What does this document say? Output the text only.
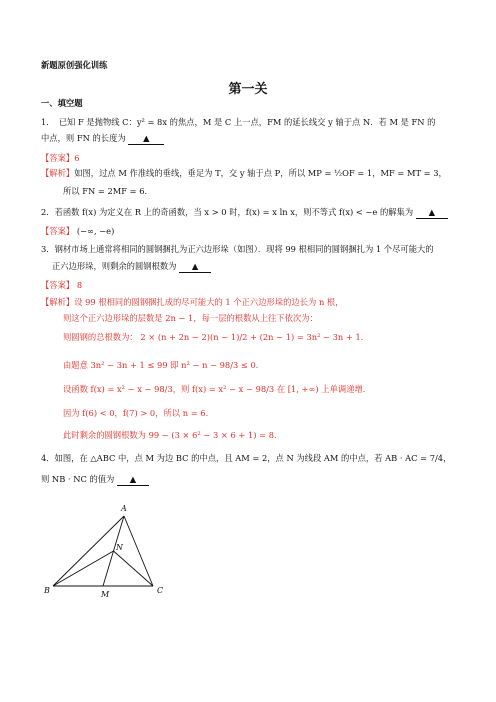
新题原创强化训练
第一关
一、填空题
1．　已知 F 是抛物线 C：y² = 8x 的焦点，M 是 C 上一点，FM 的延长线交 y 轴于点 N．若 M 是 FN 的
中点，则 FN 的长度为 ▲
【答案】6
【解析】如图，过点 M 作准线的垂线，垂足为 T，交 y 轴于点 P，所以 MP = ½OF = 1，MF = MT = 3，
所以 FN = 2MF = 6．
2．若函数 f(x) 为定义在 R 上的奇函数，当 x > 0 时，f(x) = x ln x，则不等式 f(x) < −e 的解集为 ▲
【答案】 (−∞, −e)
3．钢材市场上通常将相同的圆钢捆扎为正六边形垛（如图）．现将 99 根相同的圆钢捆扎为 1 个尽可能大的
正六边形垛，则剩余的圆钢根数为 ▲
【答案】 8
【解析】设 99 根相同的圆钢捆扎成的尽可能大的 1 个正六边形垛的边长为 n 根，
则这个正六边形垛的层数是 2n − 1，每一层的根数从上往下依次为：
则圆钢的总根数为： 2 × (n + 2n − 2)(n − 1)/2 + (2n − 1) = 3n² − 3n + 1．
由题意 3n² − 3n + 1 ≤ 99 即 n² − n − 98/3 ≤ 0．
设函数 f(x) = x² − x − 98/3，则 f(x) = x² − x − 98/3 在 [1, +∞) 上单调递增．
因为 f(6) < 0，f(7) > 0，所以 n = 6．
此时剩余的圆钢根数为 99 − (3 × 6² − 3 × 6 + 1) = 8．
4．如图，在 △ABC 中，点 M 为边 BC 的中点，且 AM = 2，点 N 为线段 AM 的中点，若 AB · AC = 7/4，
则 NB · NC 的值为 ▲
A
N
B	M	C
